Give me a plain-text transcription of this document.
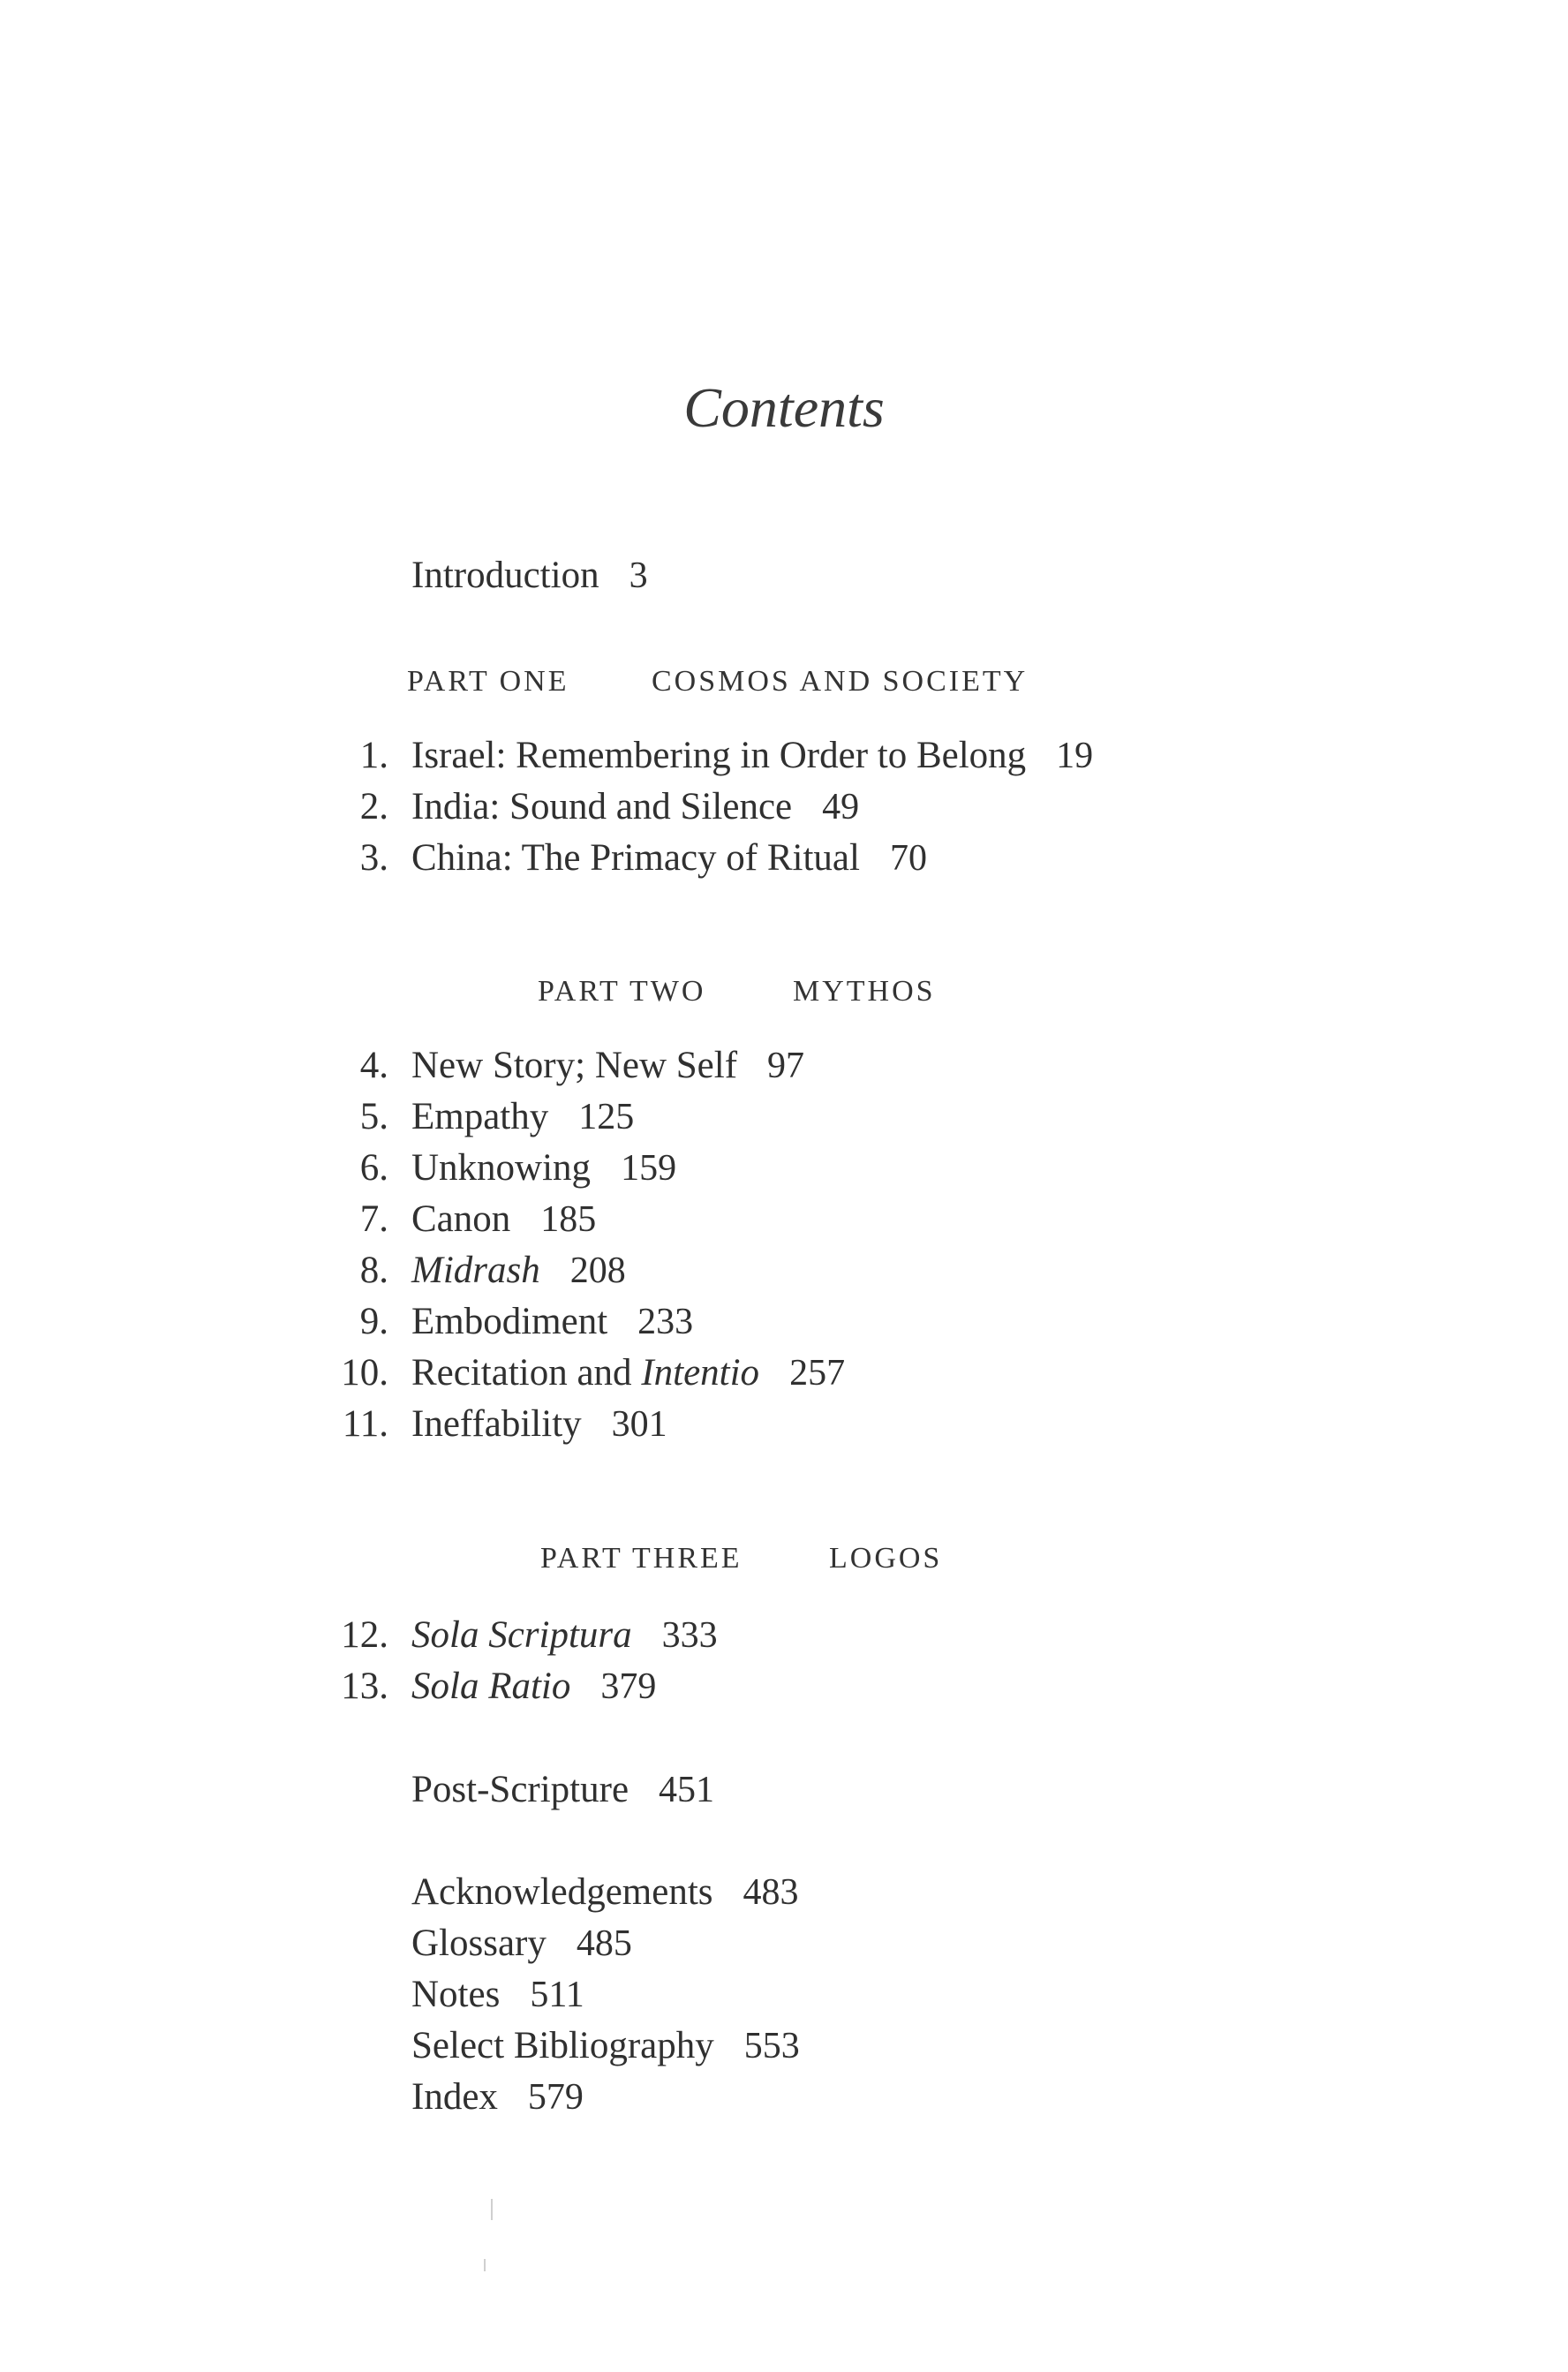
Contents
Introduction 3
PART ONE	COSMOS AND SOCIETY
1. Israel: Remembering in Order to Belong 19
2. India: Sound and Silence 49
3. China: The Primacy of Ritual 70
PART TWO	MYTHOS
4. New Story; New Self 97
5. Empathy 125
6. Unknowing 159
7. Canon 185
8. Midrash 208
9. Embodiment 233
10. Recitation and Intentio 257
11. Ineffability 301
PART THREE	LOGOS
12. Sola Scriptura 333
13. Sola Ratio 379
Post-Scripture 451
Acknowledgements 483
Glossary 485
Notes 511
Select Bibliography 553
Index 579
